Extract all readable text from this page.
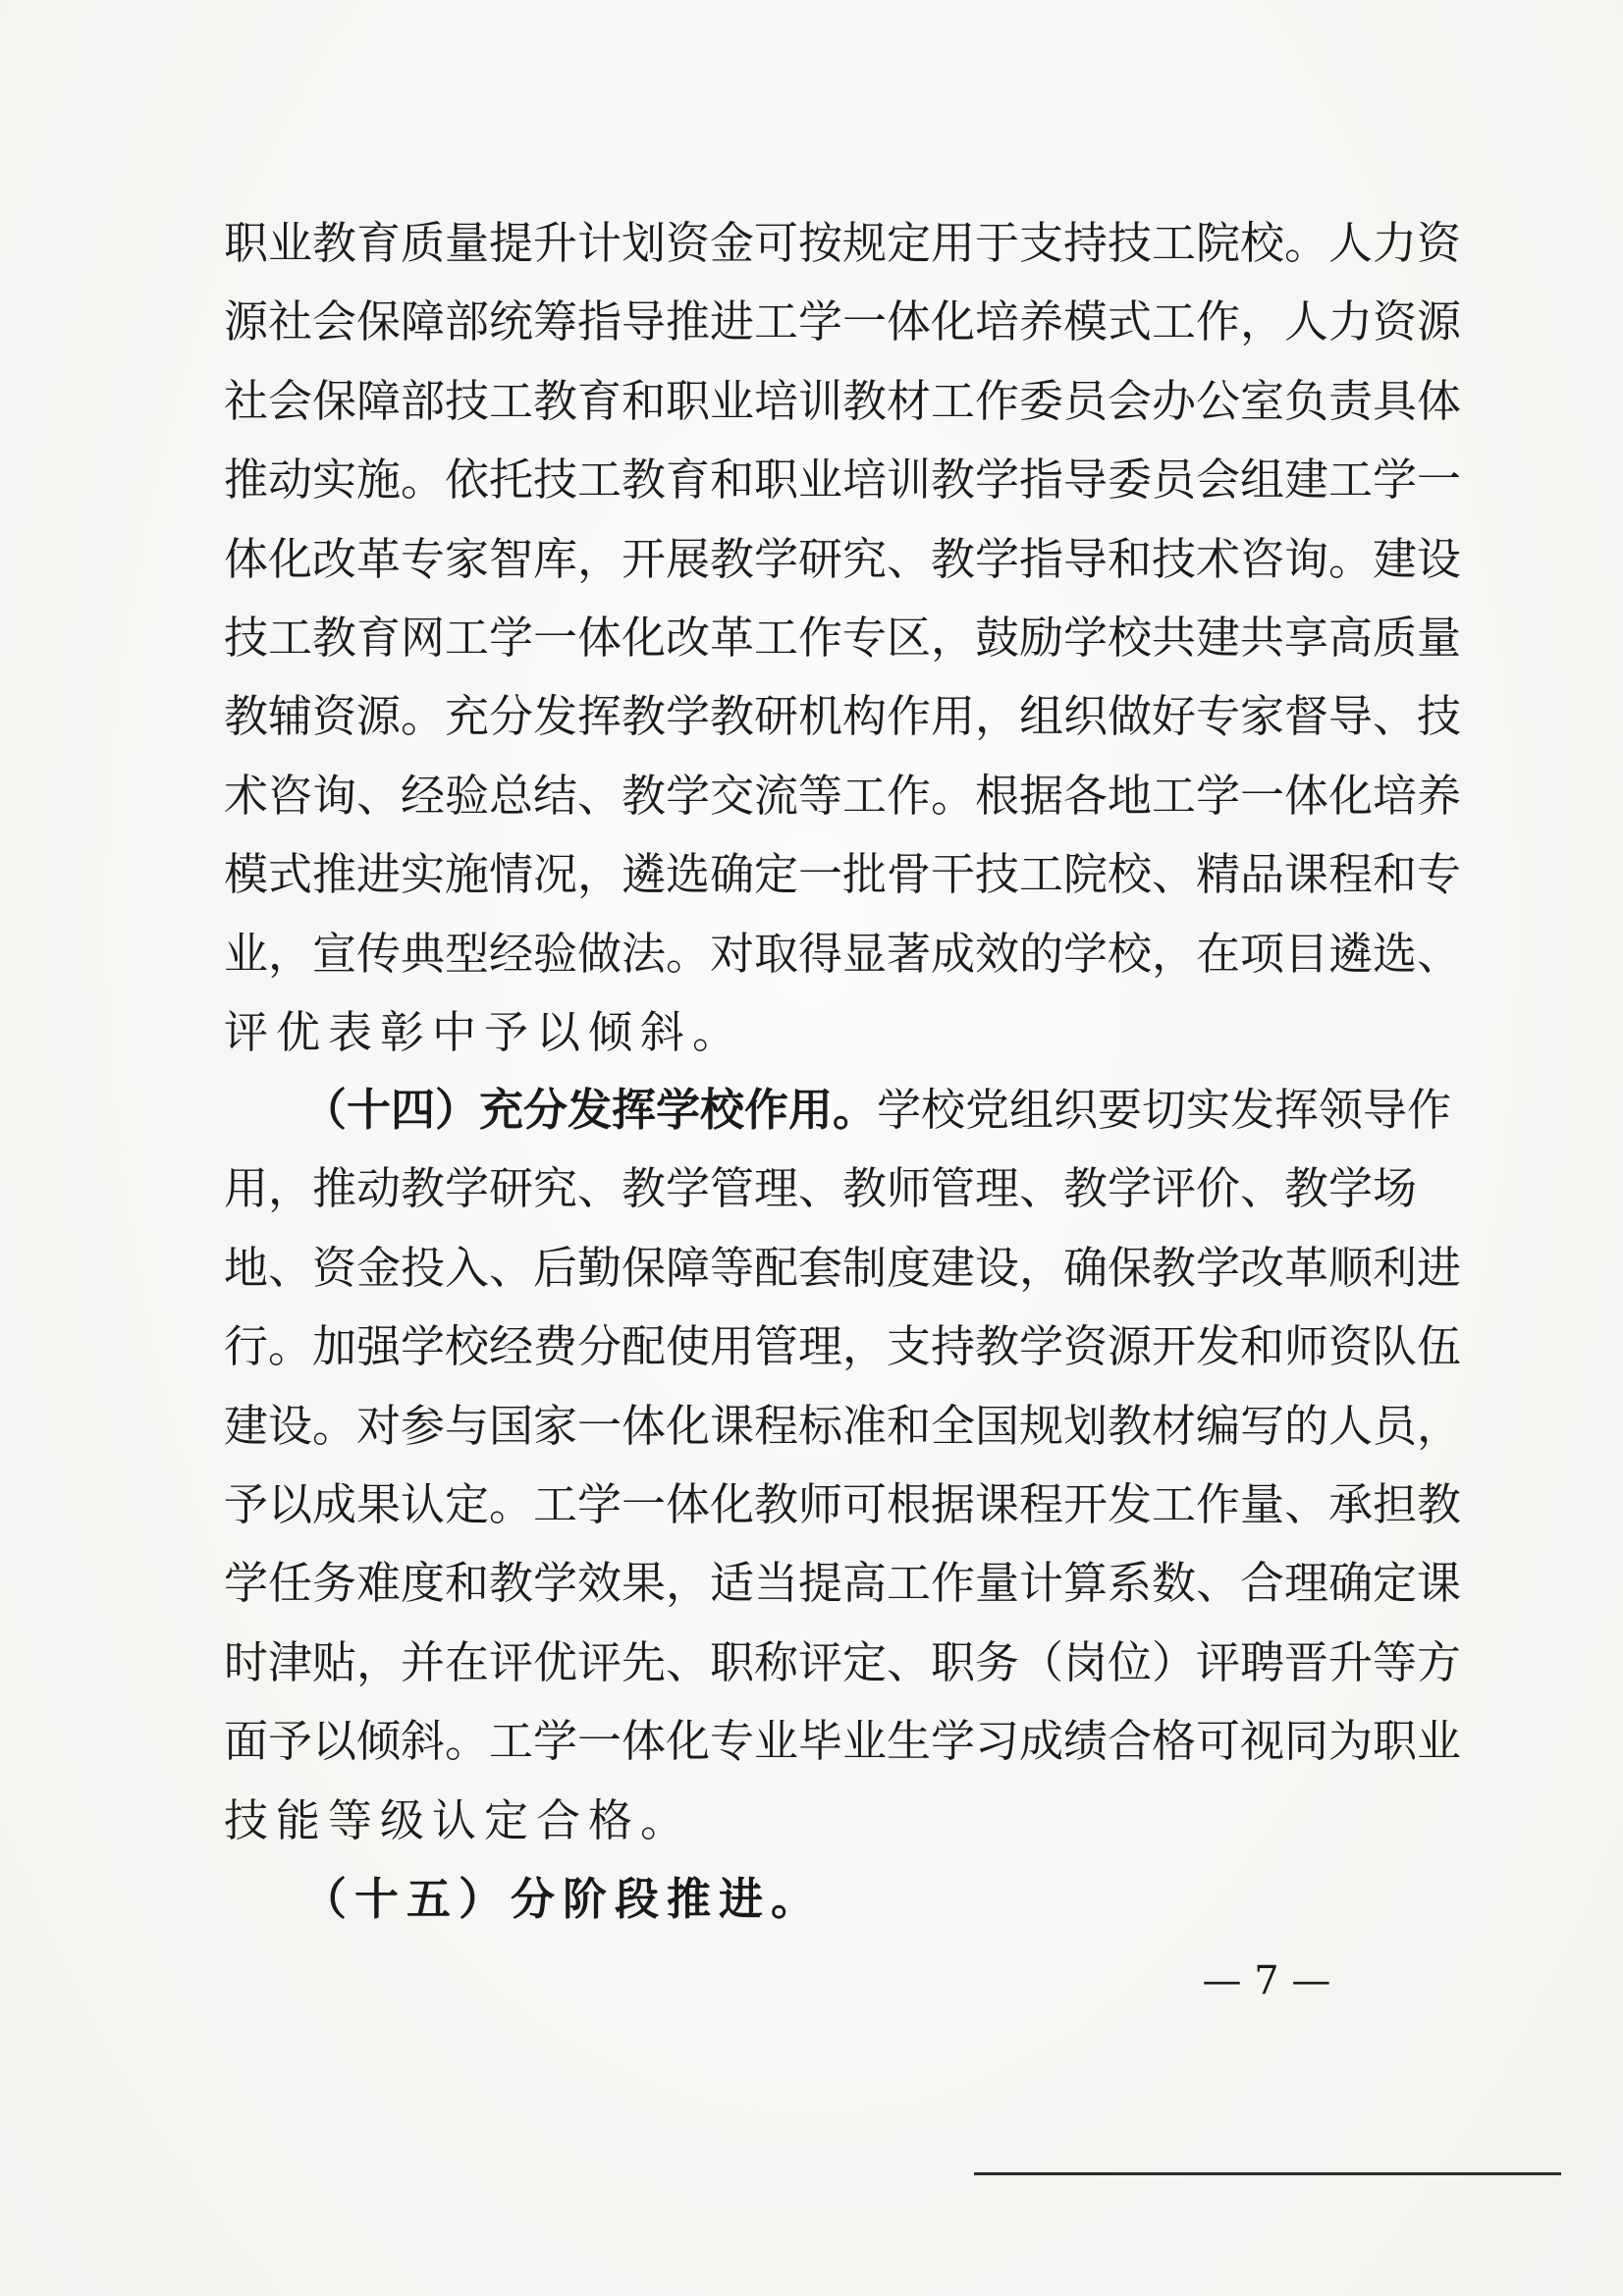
职业教育质量提升计划资金可按规定用于支持技工院校。人力资
源社会保障部统筹指导推进工学一体化培养模式工作，人力资源
社会保障部技工教育和职业培训教材工作委员会办公室负责具体
推动实施。依托技工教育和职业培训教学指导委员会组建工学一
体化改革专家智库，开展教学研究、教学指导和技术咨询。建设
技工教育网工学一体化改革工作专区，鼓励学校共建共享高质量
教辅资源。充分发挥教学教研机构作用，组织做好专家督导、技
术咨询、经验总结、教学交流等工作。根据各地工学一体化培养
模式推进实施情况，遴选确定一批骨干技工院校、精品课程和专
业，宣传典型经验做法。对取得显著成效的学校，在项目遴选、
评优表彰中予以倾斜。
（十四）充分发挥学校作用。学校党组织要切实发挥领导作
用，推动教学研究、教学管理、教师管理、教学评价、教学场
地、资金投入、后勤保障等配套制度建设，确保教学改革顺利进
行。加强学校经费分配使用管理，支持教学资源开发和师资队伍
建设。对参与国家一体化课程标准和全国规划教材编写的人员，
予以成果认定。工学一体化教师可根据课程开发工作量、承担教
学任务难度和教学效果，适当提高工作量计算系数、合理确定课
时津贴，并在评优评先、职称评定、职务（岗位）评聘晋升等方
面予以倾斜。工学一体化专业毕业生学习成绩合格可视同为职业
技能等级认定合格。
（十五）分阶段推进。
— 7 —
